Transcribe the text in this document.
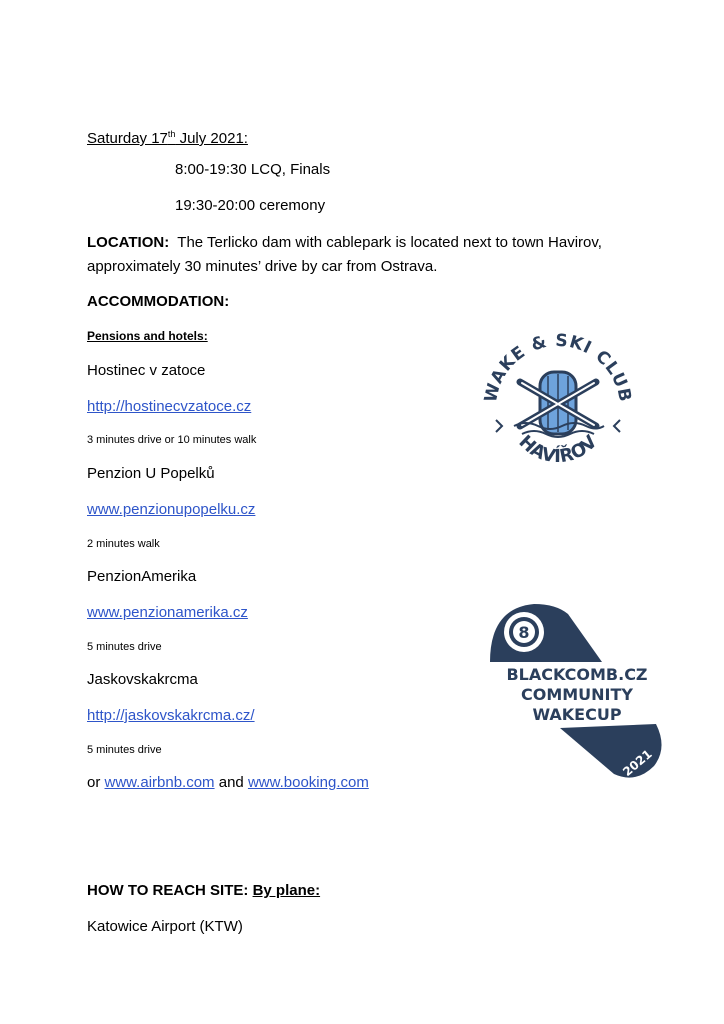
Saturday 17th July 2021:
8:00-19:30 LCQ, Finals
19:30-20:00 ceremony
LOCATION: The Terlicko dam with cablepark is located next to town Havirov,
approximately 30 minutes’ drive by car from Ostrava.
ACCOMMODATION:
Pensions and hotels:
Hostinec v zatoce
http://hostinecvzatoce.cz
3 minutes drive or 10 minutes walk
Penzion U Popelků
www.penzionupopelku.cz
2 minutes walk
PenzionAmerika
www.penzionamerika.cz
5 minutes drive
Jaskovskakrcma
http://jaskovskakrcma.cz/
5 minutes drive
or www.airbnb.com and www.booking.com
HOW TO REACH SITE: By plane:
Katowice Airport (KTW)
WAKE & SKI CLUB
HAVÍŘOV
8
BLACKCOMB.CZ
COMMUNITY
WAKECUP
2021
